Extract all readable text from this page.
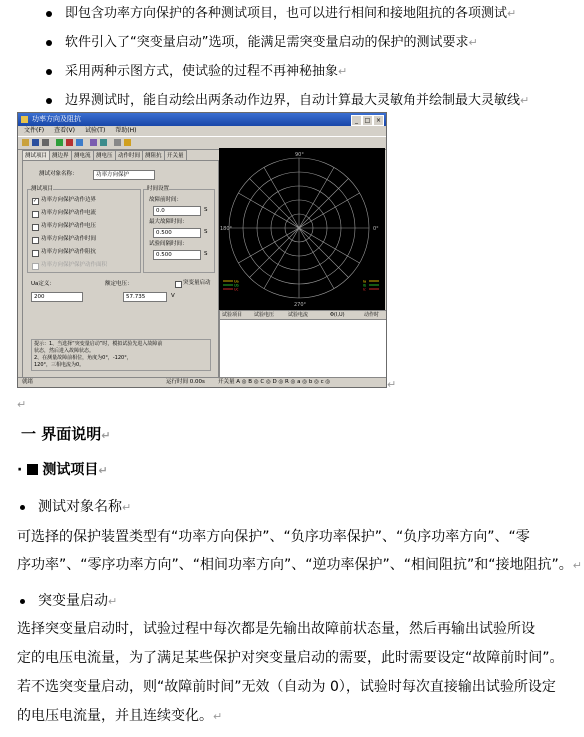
即包含功率方向保护的各种测试项目，也可以进行相间和接地阻抗的各项测试↵
软件引入了“突变量启动”选项，能满足需突变量启动的保护的测试要求↵
采用两种示图方式，使试验的过程不再神秘抽象↵
边界测试时，能自动绘出两条动作边界，自动计算最大灵敏角并绘制最大灵敏线↵
功率方向及阻抗	_	□ ×
文件(F) 查看(V) 试验(T) 帮助(H)
测试项目 测边界 测电流 测电压 动作时间 测阻抗 开关量
测试对象名称：	功率方向保护
测试项目
✓ 功率方向保护动作边界
功率方向保护动作电流
功率方向保护动作电压
功率方向保护动作时间
功率方向保护动作阻抗
功率方向保护保护动作面积
时间设置
故障前时间：
0.0	S
最大故障时间：
0.500	S
试验间隔时间：
0.500	S
Ua定义：
200
额定电压：
57.735	V
突变量启动
提示：1、当选择“突变量启动”时，模拟试验先进入故障前
状态，然后进入故障状态。
2、在测量故障前相位，角度为0°，-120°，
120°，三相电流为0。
90°
180°	0°
270°
Ua
Ub
Uc
Ia
Ib
Ic
试验项目 试验电压	试验电流	Φ(I,U)	动作时
就绪	运行时间 0.00s 开关量 A ◎ B ◎ C ◎ D ◎ R ◎ a ◎ b ◎ c ◎	↵
↵
一 界面说明↵
· 测试项目↵
测试对象名称↵
可选择的保护装置类型有“功率方向保护”、“负序功率保护”、“负序功率方向”、“零
序功率”、“零序功率方向”、“相间功率方向”、“逆功率保护”、“相间阻抗”和“接地阻抗”。↵
突变量启动↵
选择突变量启动时，试验过程中每次都是先输出故障前状态量，然后再输出试验所设
定的电压电流量，为了满足某些保护对突变量启动的需要，此时需要设定“故障前时间”。
若不选突变量启动，则“故障前时间”无效（自动为 0），试验时每次直接输出试验所设定
的电压电流量，并且连续变化。↵
